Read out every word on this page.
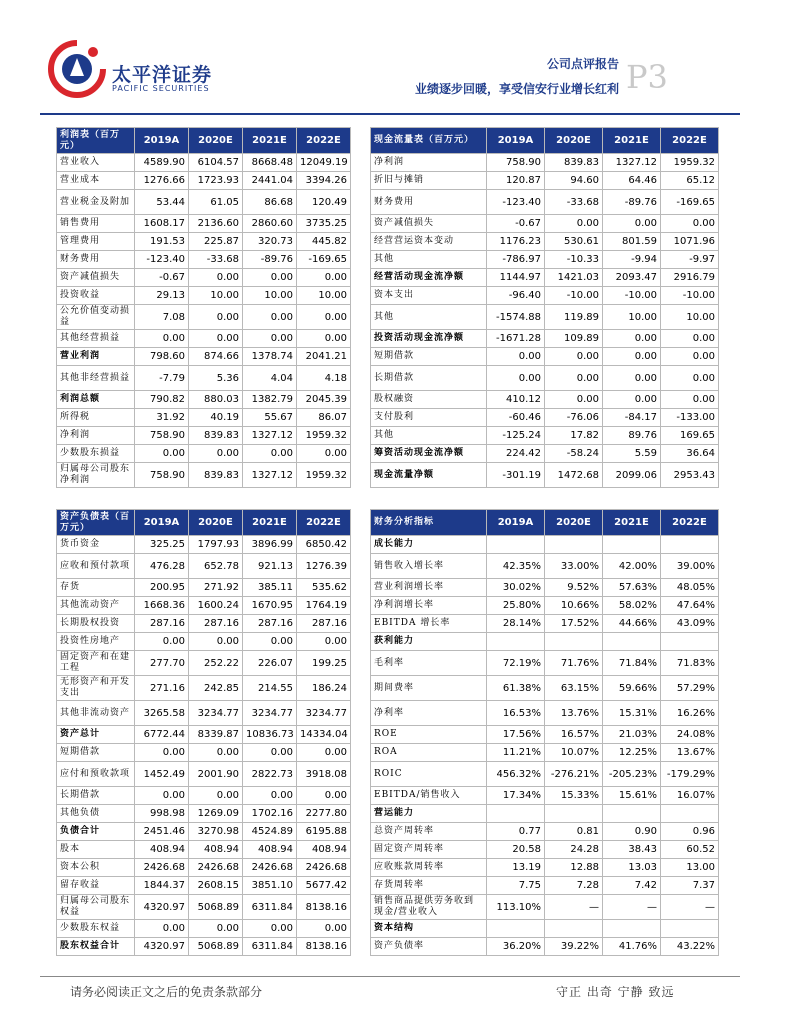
太平洋证券
PACIFIC SECURITIES
公司点评报告
业绩逐步回暖，享受信安行业增长红利 P3
利润表（百万元）	2019A	2020E	2021E	2022E
营业收入	4589.90	6104.57	8668.48	12049.19
营业成本	1276.66	1723.93	2441.04	3394.26
营业税金及附加	53.44	61.05	86.68	120.49
销售费用	1608.17	2136.60	2860.60	3735.25
管理费用	191.53	225.87	320.73	445.82
财务费用	-123.40	-33.68	-89.76	-169.65
资产减值损失	-0.67	0.00	0.00	0.00
投资收益	29.13	10.00	10.00	10.00
公允价值变动损益	7.08	0.00	0.00	0.00
其他经营损益	0.00	0.00	0.00	0.00
营业利润	798.60	874.66	1378.74	2041.21
其他非经营损益	-7.79	5.36	4.04	4.18
利润总额	790.82	880.03	1382.79	2045.39
所得税	31.92	40.19	55.67	86.07
净利润	758.90	839.83	1327.12	1959.32
少数股东损益	0.00	0.00	0.00	0.00
归属母公司股东净利润	758.90	839.83	1327.12	1959.32
现金流量表（百万元）	2019A	2020E	2021E	2022E
净利润	758.90	839.83	1327.12	1959.32
折旧与摊销	120.87	94.60	64.46	65.12
财务费用	-123.40	-33.68	-89.76	-169.65
资产减值损失	-0.67	0.00	0.00	0.00
经营营运资本变动	1176.23	530.61	801.59	1071.96
其他	-786.97	-10.33	-9.94	-9.97
经营活动现金流净额	1144.97	1421.03	2093.47	2916.79
资本支出	-96.40	-10.00	-10.00	-10.00
其他	-1574.88	119.89	10.00	10.00
投资活动现金流净额	-1671.28	109.89	0.00	0.00
短期借款	0.00	0.00	0.00	0.00
长期借款	0.00	0.00	0.00	0.00
股权融资	410.12	0.00	0.00	0.00
支付股利	-60.46	-76.06	-84.17	-133.00
其他	-125.24	17.82	89.76	169.65
筹资活动现金流净额	224.42	-58.24	5.59	36.64
现金流量净额	-301.19	1472.68	2099.06	2953.43
资产负债表（百万元）	2019A	2020E	2021E	2022E
货币资金	325.25	1797.93	3896.99	6850.42
应收和预付款项	476.28	652.78	921.13	1276.39
存货	200.95	271.92	385.11	535.62
其他流动资产	1668.36	1600.24	1670.95	1764.19
长期股权投资	287.16	287.16	287.16	287.16
投资性房地产	0.00	0.00	0.00	0.00
固定资产和在建工程	277.70	252.22	226.07	199.25
无形资产和开发支出	271.16	242.85	214.55	186.24
其他非流动资产	3265.58	3234.77	3234.77	3234.77
资产总计	6772.44	8339.87	10836.73	14334.04
短期借款	0.00	0.00	0.00	0.00
应付和预收款项	1452.49	2001.90	2822.73	3918.08
长期借款	0.00	0.00	0.00	0.00
其他负债	998.98	1269.09	1702.16	2277.80
负债合计	2451.46	3270.98	4524.89	6195.88
股本	408.94	408.94	408.94	408.94
资本公积	2426.68	2426.68	2426.68	2426.68
留存收益	1844.37	2608.15	3851.10	5677.42
归属母公司股东权益	4320.97	5068.89	6311.84	8138.16
少数股东权益	0.00	0.00	0.00	0.00
股东权益合计	4320.97	5068.89	6311.84	8138.16
财务分析指标	2019A	2020E	2021E	2022E
成长能力				
销售收入增长率	42.35%	33.00%	42.00%	39.00%
营业利润增长率	30.02%	9.52%	57.63%	48.05%
净利润增长率	25.80%	10.66%	58.02%	47.64%
EBITDA 增长率	28.14%	17.52%	44.66%	43.09%
获利能力				
毛利率	72.19%	71.76%	71.84%	71.83%
期间费率	61.38%	63.15%	59.66%	57.29%
净利率	16.53%	13.76%	15.31%	16.26%
ROE	17.56%	16.57%	21.03%	24.08%
ROA	11.21%	10.07%	12.25%	13.67%
ROIC	456.32%	-276.21%	-205.23%	-179.29%
EBITDA/销售收入	17.34%	15.33%	15.61%	16.07%
营运能力				
总资产周转率	0.77	0.81	0.90	0.96
固定资产周转率	20.58	24.28	38.43	60.52
应收账款周转率	13.19	12.88	13.03	13.00
存货周转率	7.75	7.28	7.42	7.37
销售商品提供劳务收到现金/营业收入	113.10%	—	—	—
资本结构				
资产负债率	36.20%	39.22%	41.76%	43.22%
请务必阅读正文之后的免责条款部分	守正 出奇 宁静 致远
